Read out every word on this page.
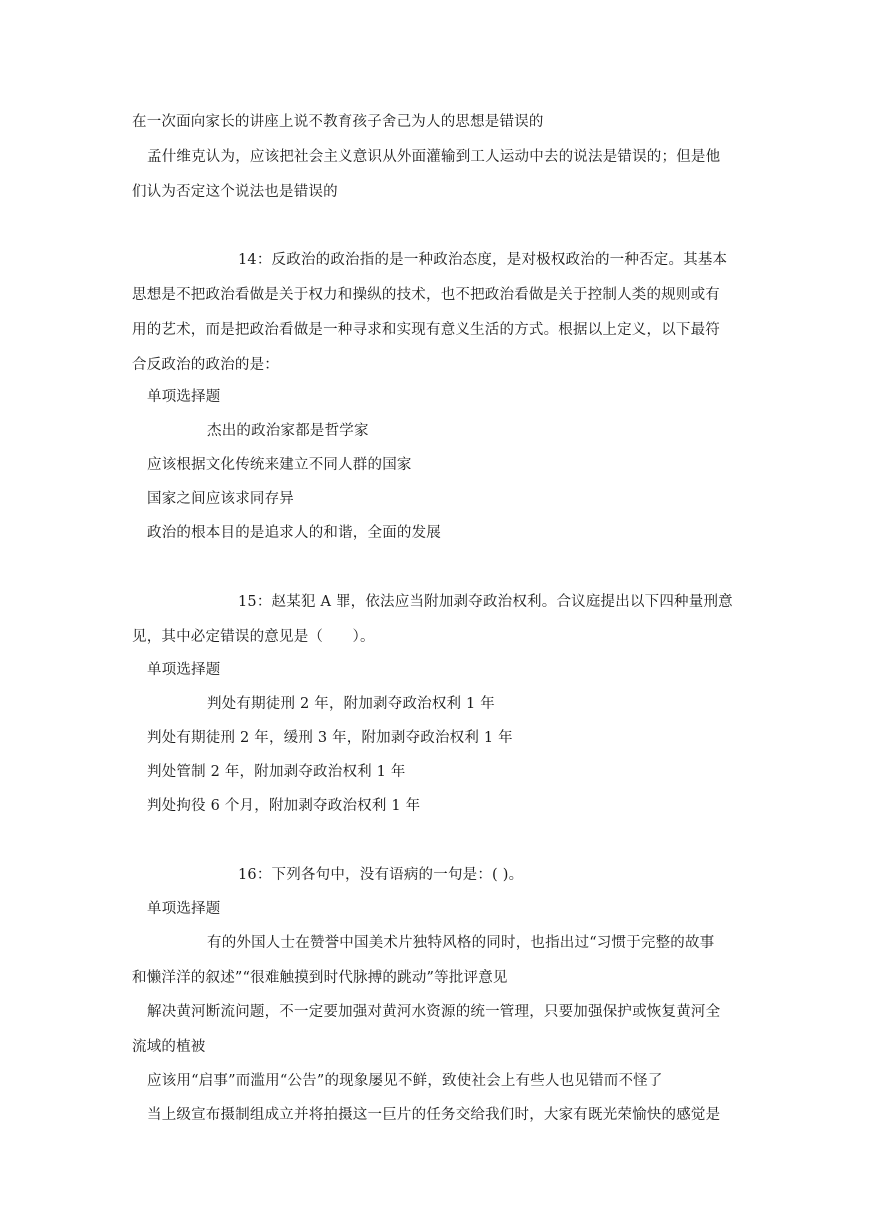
在一次面向家长的讲座上说不教育孩子舍己为人的思想是错误的
孟什维克认为，应该把社会主义意识从外面灌输到工人运动中去的说法是错误的；但是他
们认为否定这个说法也是错误的
14：反政治的政治指的是一种政治态度，是对极权政治的一种否定。其基本
思想是不把政治看做是关于权力和操纵的技术，也不把政治看做是关于控制人类的规则或有
用的艺术，而是把政治看做是一种寻求和实现有意义生活的方式。根据以上定义，以下最符
合反政治的政治的是：
单项选择题
杰出的政治家都是哲学家
应该根据文化传统来建立不同人群的国家
国家之间应该求同存异
政治的根本目的是追求人的和谐，全面的发展
15：赵某犯 A 罪，依法应当附加剥夺政治权利。合议庭提出以下四种量刑意
见，其中必定错误的意见是（　　）。
单项选择题
判处有期徒刑 2 年，附加剥夺政治权利 1 年
判处有期徒刑 2 年，缓刑 3 年，附加剥夺政治权利 1 年
判处管制 2 年，附加剥夺政治权利 1 年
判处拘役 6 个月，附加剥夺政治权利 1 年
16：下列各句中，没有语病的一句是：( )。
单项选择题
有的外国人士在赞誉中国美术片独特风格的同时，也指出过“习惯于完整的故事
和懒洋洋的叙述”“很难触摸到时代脉搏的跳动”等批评意见
解决黄河断流问题，不一定要加强对黄河水资源的统一管理，只要加强保护或恢复黄河全
流域的植被
应该用“启事”而滥用“公告”的现象屡见不鲜，致使社会上有些人也见错而不怪了
当上级宣布摄制组成立并将拍摄这一巨片的任务交给我们时，大家有既光荣愉快的感觉是
